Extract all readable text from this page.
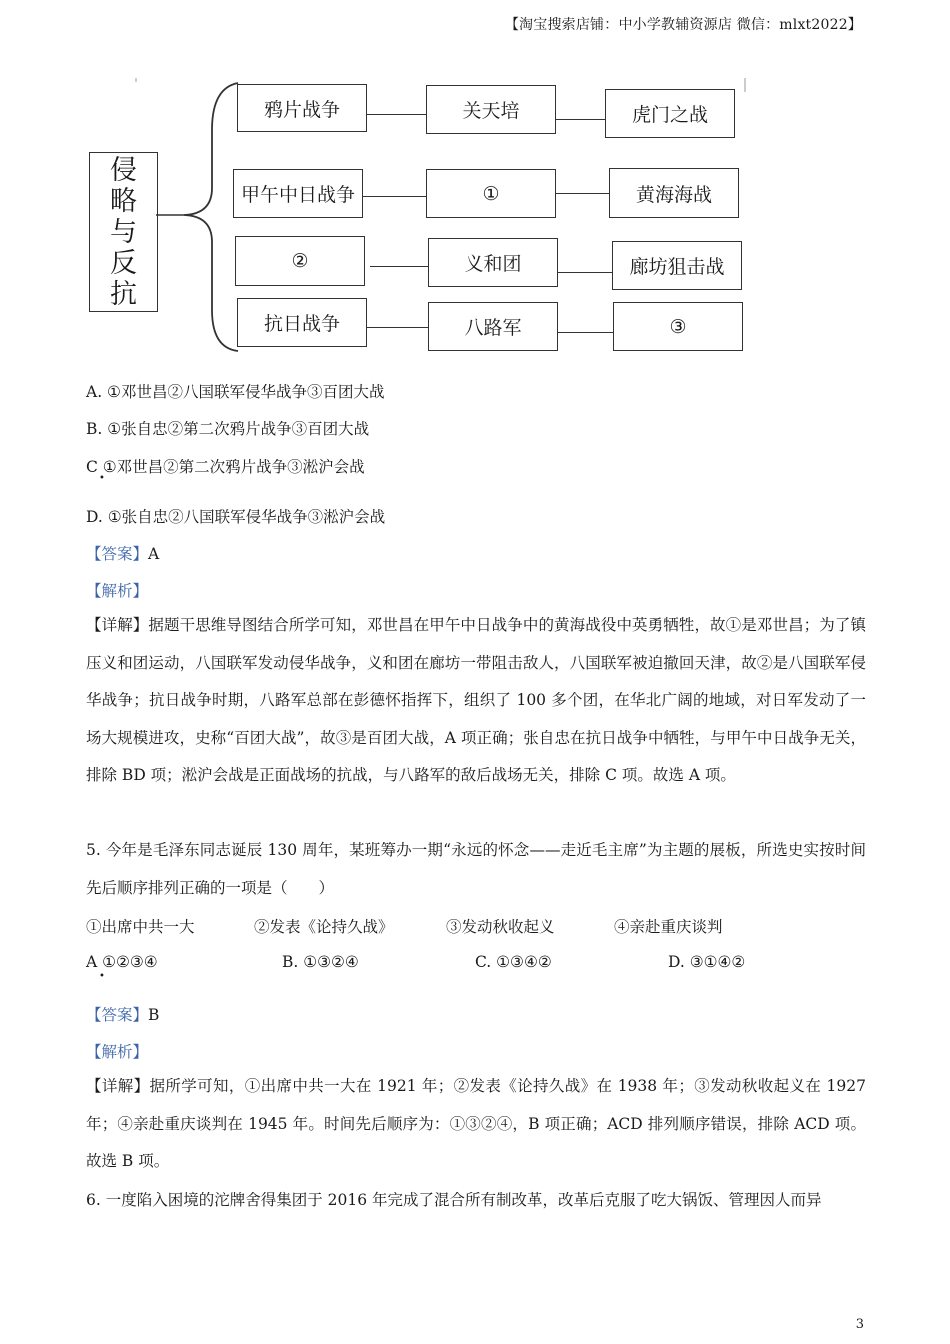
【淘宝搜索店铺：中小学教辅资源店 微信：mlxt2022】
侵
略
与
反
抗
鸦片战争	关天培	虎门之战
甲午中日战争	①	黄海海战
②	义和团	廊坊狙击战
抗日战争	八路军	③
A. ①邓世昌②八国联军侵华战争③百团大战
B. ①张自忠②第二次鸦片战争③百团大战
C ①邓世昌②第二次鸦片战争③淞沪会战
•
D. ①张自忠②八国联军侵华战争③淞沪会战
【答案】A
【解析】
【详解】据题干思维导图结合所学可知，邓世昌在甲午中日战争中的黄海战役中英勇牺牲，故①是邓世昌；为了镇压义和团运动，八国联军发动侵华战争，义和团在廊坊一带阻击敌人，八国联军被迫撤回天津，故②是八国联军侵华战争；抗日战争时期，八路军总部在彭德怀指挥下，组织了 100 多个团，在华北广阔的地域，对日军发动了一场大规模进攻，史称“百团大战”，故③是百团大战，A 项正确；张自忠在抗日战争中牺牲，与甲午中日战争无关，排除 BD 项；淞沪会战是正面战场的抗战，与八路军的敌后战场无关，排除 C 项。故选 A 项。
5. 今年是毛泽东同志诞辰 130 周年，某班筹办一期“永远的怀念——走近毛主席”为主题的展板，所选史实按时间先后顺序排列正确的一项是（　　）
①出席中共一大	②发表《论持久战》	③发动秋收起义	④亲赴重庆谈判
A ①②③④
•
B. ①③②④	C. ①③④②	D. ③①④②
【答案】B
【解析】
【详解】据所学可知，①出席中共一大在 1921 年；②发表《论持久战》在 1938 年；③发动秋收起义在 1927 年；④亲赴重庆谈判在 1945 年。时间先后顺序为：①③②④，B 项正确；ACD 排列顺序错误，排除 ACD 项。故选 B 项。
6. 一度陷入困境的沱牌舍得集团于 2016 年完成了混合所有制改革，改革后克服了吃大锅饭、管理因人而异
3
